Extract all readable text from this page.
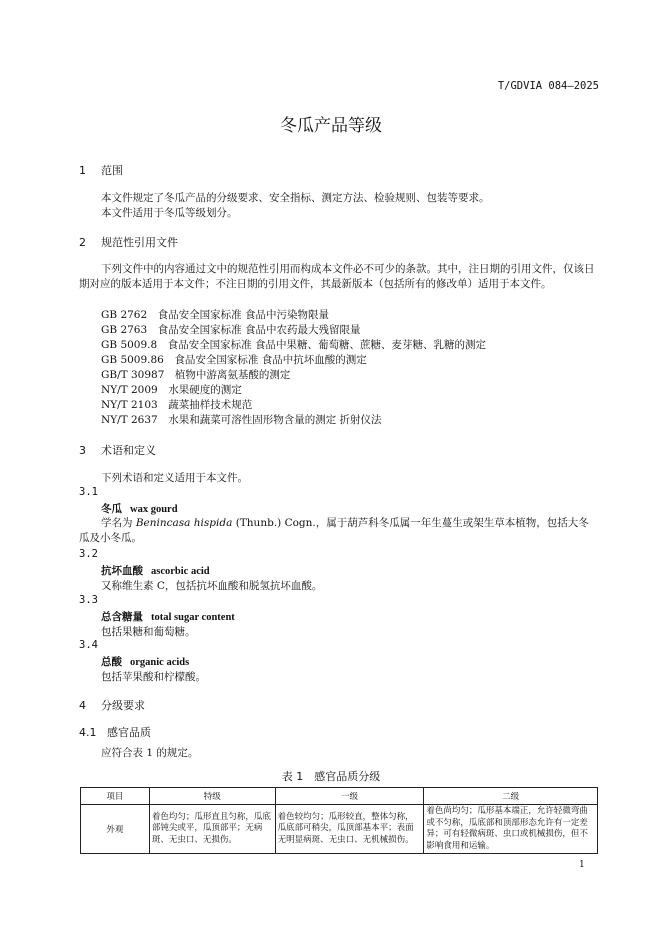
T/GDVIA 084—2025
冬瓜产品等级
1 范围
本文件规定了冬瓜产品的分级要求、安全指标、测定方法、检验规则、包装等要求。
本文件适用于冬瓜等级划分。
2 规范性引用文件
下列文件中的内容通过文中的规范性引用而构成本文件必不可少的条款。其中，注日期的引用文件，仅该日期对应的版本适用于本文件；不注日期的引用文件，其最新版本（包括所有的修改单）适用于本文件。
GB 2762　食品安全国家标准 食品中污染物限量
GB 2763　食品安全国家标准 食品中农药最大残留限量
GB 5009.8　食品安全国家标准 食品中果糖、葡萄糖、蔗糖、麦芽糖、乳糖的测定
GB 5009.86　食品安全国家标准 食品中抗坏血酸的测定
GB/T 30987　植物中游离氨基酸的测定
NY/T 2009　水果硬度的测定
NY/T 2103　蔬菜抽样技术规范
NY/T 2637　水果和蔬菜可溶性固形物含量的测定 折射仪法
3 术语和定义
下列术语和定义适用于本文件。
3.1
冬瓜 wax gourd
学名为 Benincasa hispida (Thunb.) Cogn.，属于葫芦科冬瓜属一年生蔓生或架生草本植物，包括大冬瓜及小冬瓜。
3.2
抗坏血酸 ascorbic acid
又称维生素 C，包括抗坏血酸和脱氢抗坏血酸。
3.3
总含糖量 total sugar content
包括果糖和葡萄糖。
3.4
总酸 organic acids
包括苹果酸和柠檬酸。
4 分级要求
4.1 感官品质
应符合表 1 的规定。
表 1　感官品质分级
项目	特级	一级	二级
外观	着色均匀；瓜形直且匀称，瓜底部钝尖或平，瓜顶部平；无病斑、无虫口、无损伤。	着色较均匀；瓜形较直，整体匀称，瓜底部可稍尖，瓜顶部基本平；表面无明显病斑、无虫口、无机械损伤。	着色尚均匀；瓜形基本端正，允许轻微弯曲或不匀称，瓜底部和顶部形态允许有一定差异；可有轻微病斑、虫口或机械损伤，但不影响食用和运输。
1
